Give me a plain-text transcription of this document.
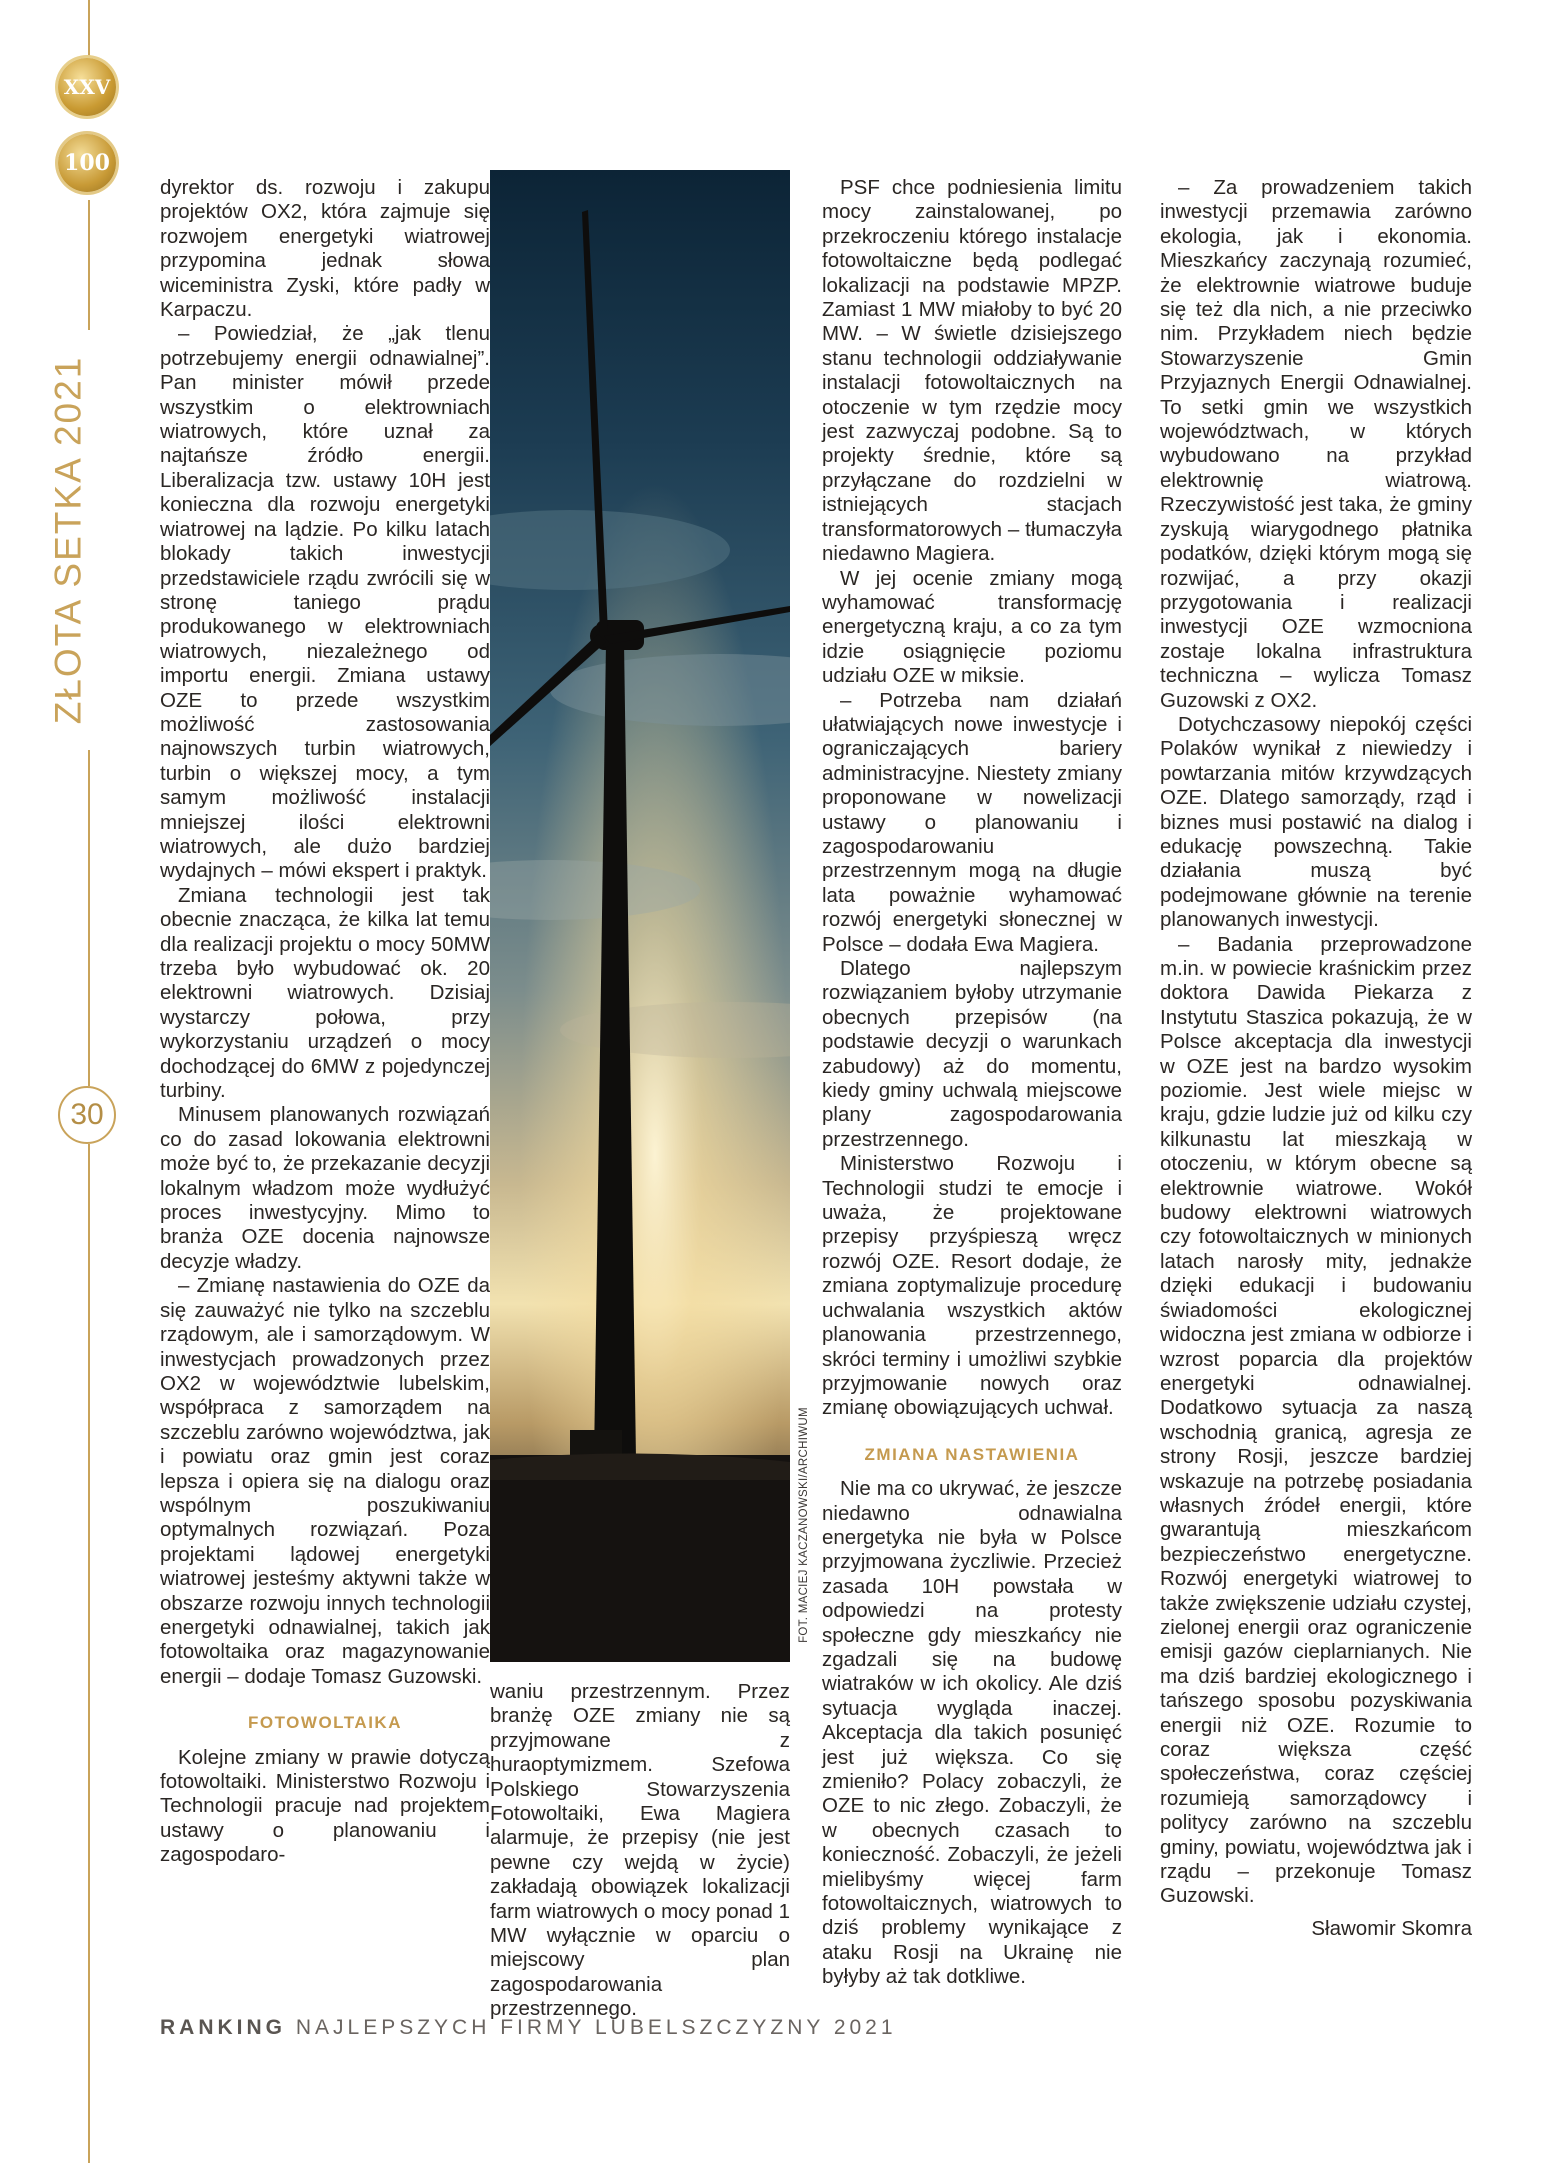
XXV
100
ZŁOTA SETKA 2021
30

dyrektor ds. rozwoju i zakupu projektów OX2, która zajmuje się rozwojem energetyki wiatrowej przypomina jednak słowa wiceministra Zyski, które padły w Karpaczu.

– Powiedział, że „jak tlenu potrzebujemy energii odnawialnej”. Pan minister mówił przede wszystkim o elektrowniach wiatrowych, które uznał za najtańsze źródło energii. Liberalizacja tzw. ustawy 10H jest konieczna dla rozwoju energetyki wiatrowej na lądzie. Po kilku latach blokady takich inwestycji przedstawiciele rządu zwrócili się w stronę taniego prądu produkowanego w elektrowniach wiatrowych, niezależnego od importu energii. Zmiana ustawy OZE to przede wszystkim możliwość zastosowania najnowszych turbin wiatrowych, turbin o większej mocy, a tym samym możliwość instalacji mniejszej ilości elektrowni wiatrowych, ale dużo bardziej wydajnych – mówi ekspert i praktyk.

Zmiana technologii jest tak obecnie znacząca, że kilka lat temu dla realizacji projektu o mocy 50MW trzeba było wybudować ok. 20 elektrowni wiatrowych. Dzisiaj wystarczy połowa, przy wykorzystaniu urządzeń o mocy dochodzącej do 6MW z pojedynczej turbiny.

Minusem planowanych rozwiązań co do zasad lokowania elektrowni może być to, że przekazanie decyzji lokalnym władzom może wydłużyć proces inwestycyjny. Mimo to branża OZE docenia najnowsze decyzje władzy.

– Zmianę nastawienia do OZE da się zauważyć nie tylko na szczeblu rządowym, ale i samorządowym. W inwestycjach prowadzonych przez OX2 w województwie lubelskim, współpraca z samorządem na szczeblu zarówno województwa, jak i powiatu oraz gmin jest coraz lepsza i opiera się na dialogu oraz wspólnym poszukiwaniu optymalnych rozwiązań. Poza projektami lądowej energetyki wiatrowej jesteśmy aktywni także w obszarze rozwoju innych technologii energetyki odnawialnej, takich jak fotowoltaika oraz magazynowanie energii – dodaje Tomasz Guzowski.

FOTOWOLTAIKA

Kolejne zmiany w prawie dotyczą fotowoltaiki. Ministerstwo Rozwoju i Technologii pracuje nad projektem ustawy o planowaniu i zagospodaro-

FOT. MACIEJ KACZANOWSKI/ARCHIWUM

waniu przestrzennym. Przez branżę OZE zmiany nie są przyjmowane z huraoptymizmem. Szefowa Polskiego Stowarzyszenia Fotowoltaiki, Ewa Magiera alarmuje, że przepisy (nie jest pewne czy wejdą w życie) zakładają obowiązek lokalizacji farm wiatrowych o mocy ponad 1 MW wyłącznie w oparciu o miejscowy plan zagospodarowania przestrzennego.

PSF chce podniesienia limitu mocy zainstalowanej, po przekroczeniu którego instalacje fotowoltaiczne będą podlegać lokalizacji na podstawie MPZP. Zamiast 1 MW miałoby to być 20 MW. – W świetle dzisiejszego stanu technologii oddziaływanie instalacji fotowoltaicznych na otoczenie w tym rzędzie mocy jest zazwyczaj podobne. Są to projekty średnie, które są przyłączane do rozdzielni w istniejących stacjach transformatorowych – tłumaczyła niedawno Magiera.

W jej ocenie zmiany mogą wyhamować transformację energetyczną kraju, a co za tym idzie osiągnięcie poziomu udziału OZE w miksie.

– Potrzeba nam działań ułatwiających nowe inwestycje i ograniczających bariery administracyjne. Niestety zmiany proponowane w nowelizacji ustawy o planowaniu i zagospodarowaniu przestrzennym mogą na długie lata poważnie wyhamować rozwój energetyki słonecznej w Polsce – dodała Ewa Magiera.

Dlatego najlepszym rozwiązaniem byłoby utrzymanie obecnych przepisów (na podstawie decyzji o warunkach zabudowy) aż do momentu, kiedy gminy uchwalą miejscowe plany zagospodarowania przestrzennego.

Ministerstwo Rozwoju i Technologii studzi te emocje i uważa, że projektowane przepisy przyśpieszą wręcz rozwój OZE. Resort dodaje, że zmiana zoptymalizuje procedurę uchwalania wszystkich aktów planowania przestrzennego, skróci terminy i umożliwi szybkie przyjmowanie nowych oraz zmianę obowiązujących uchwał.

ZMIANA NASTAWIENIA

Nie ma co ukrywać, że jeszcze niedawno odnawialna energetyka nie była w Polsce przyjmowana życzliwie. Przecież zasada 10H powstała w odpowiedzi na protesty społeczne gdy mieszkańcy nie zgadzali się na budowę wiatraków w ich okolicy. Ale dziś sytuacja wygląda inaczej. Akceptacja dla takich posunięć jest już większa. Co się zmieniło? Polacy zobaczyli, że OZE to nic złego. Zobaczyli, że w obecnych czasach to konieczność. Zobaczyli, że jeżeli mielibyśmy więcej farm fotowoltaicznych, wiatrowych to dziś problemy wynikające z ataku Rosji na Ukrainę nie byłyby aż tak dotkliwe.

– Za prowadzeniem takich inwestycji przemawia zarówno ekologia, jak i ekonomia. Mieszkańcy zaczynają rozumieć, że elektrownie wiatrowe buduje się też dla nich, a nie przeciwko nim. Przykładem niech będzie Stowarzyszenie Gmin Przyjaznych Energii Odnawialnej. To setki gmin we wszystkich województwach, w których wybudowano na przykład elektrownię wiatrową. Rzeczywistość jest taka, że gminy zyskują wiarygodnego płatnika podatków, dzięki którym mogą się rozwijać, a przy okazji przygotowania i realizacji inwestycji OZE wzmocniona zostaje lokalna infrastruktura techniczna – wylicza Tomasz Guzowski z OX2.

Dotychczasowy niepokój części Polaków wynikał z niewiedzy i powtarzania mitów krzywdzących OZE. Dlatego samorządy, rząd i biznes musi postawić na dialog i edukację powszechną. Takie działania muszą być podejmowane głównie na terenie planowanych inwestycji.

– Badania przeprowadzone m.in. w powiecie kraśnickim przez doktora Dawida Piekarza z Instytutu Staszica pokazują, że w Polsce akceptacja dla inwestycji w OZE jest na bardzo wysokim poziomie. Jest wiele miejsc w kraju, gdzie ludzie już od kilku czy kilkunastu lat mieszkają w otoczeniu, w którym obecne są elektrownie wiatrowe. Wokół budowy elektrowni wiatrowych czy fotowoltaicznych w minionych latach narosły mity, jednakże dzięki edukacji i budowaniu świadomości ekologicznej widoczna jest zmiana w odbiorze i wzrost poparcia dla projektów energetyki odnawialnej. Dodatkowo sytuacja za naszą wschodnią granicą, agresja ze strony Rosji, jeszcze bardziej wskazuje na potrzebę posiadania własnych źródeł energii, które gwarantują mieszkańcom bezpieczeństwo energetyczne. Rozwój energetyki wiatrowej to także zwiększenie udziału czystej, zielonej energii oraz ograniczenie emisji gazów cieplarnianych. Nie ma dziś bardziej ekologicznego i tańszego sposobu pozyskiwania energii niż OZE. Rozumie to coraz większa część społeczeństwa, coraz częściej rozumieją samorządowcy i politycy zarówno na szczeblu gminy, powiatu, województwa jak i rządu – przekonuje Tomasz Guzowski.

Sławomir Skomra

RANKING NAJLEPSZYCH FIRMY LUBELSZCZYZNY 2021
